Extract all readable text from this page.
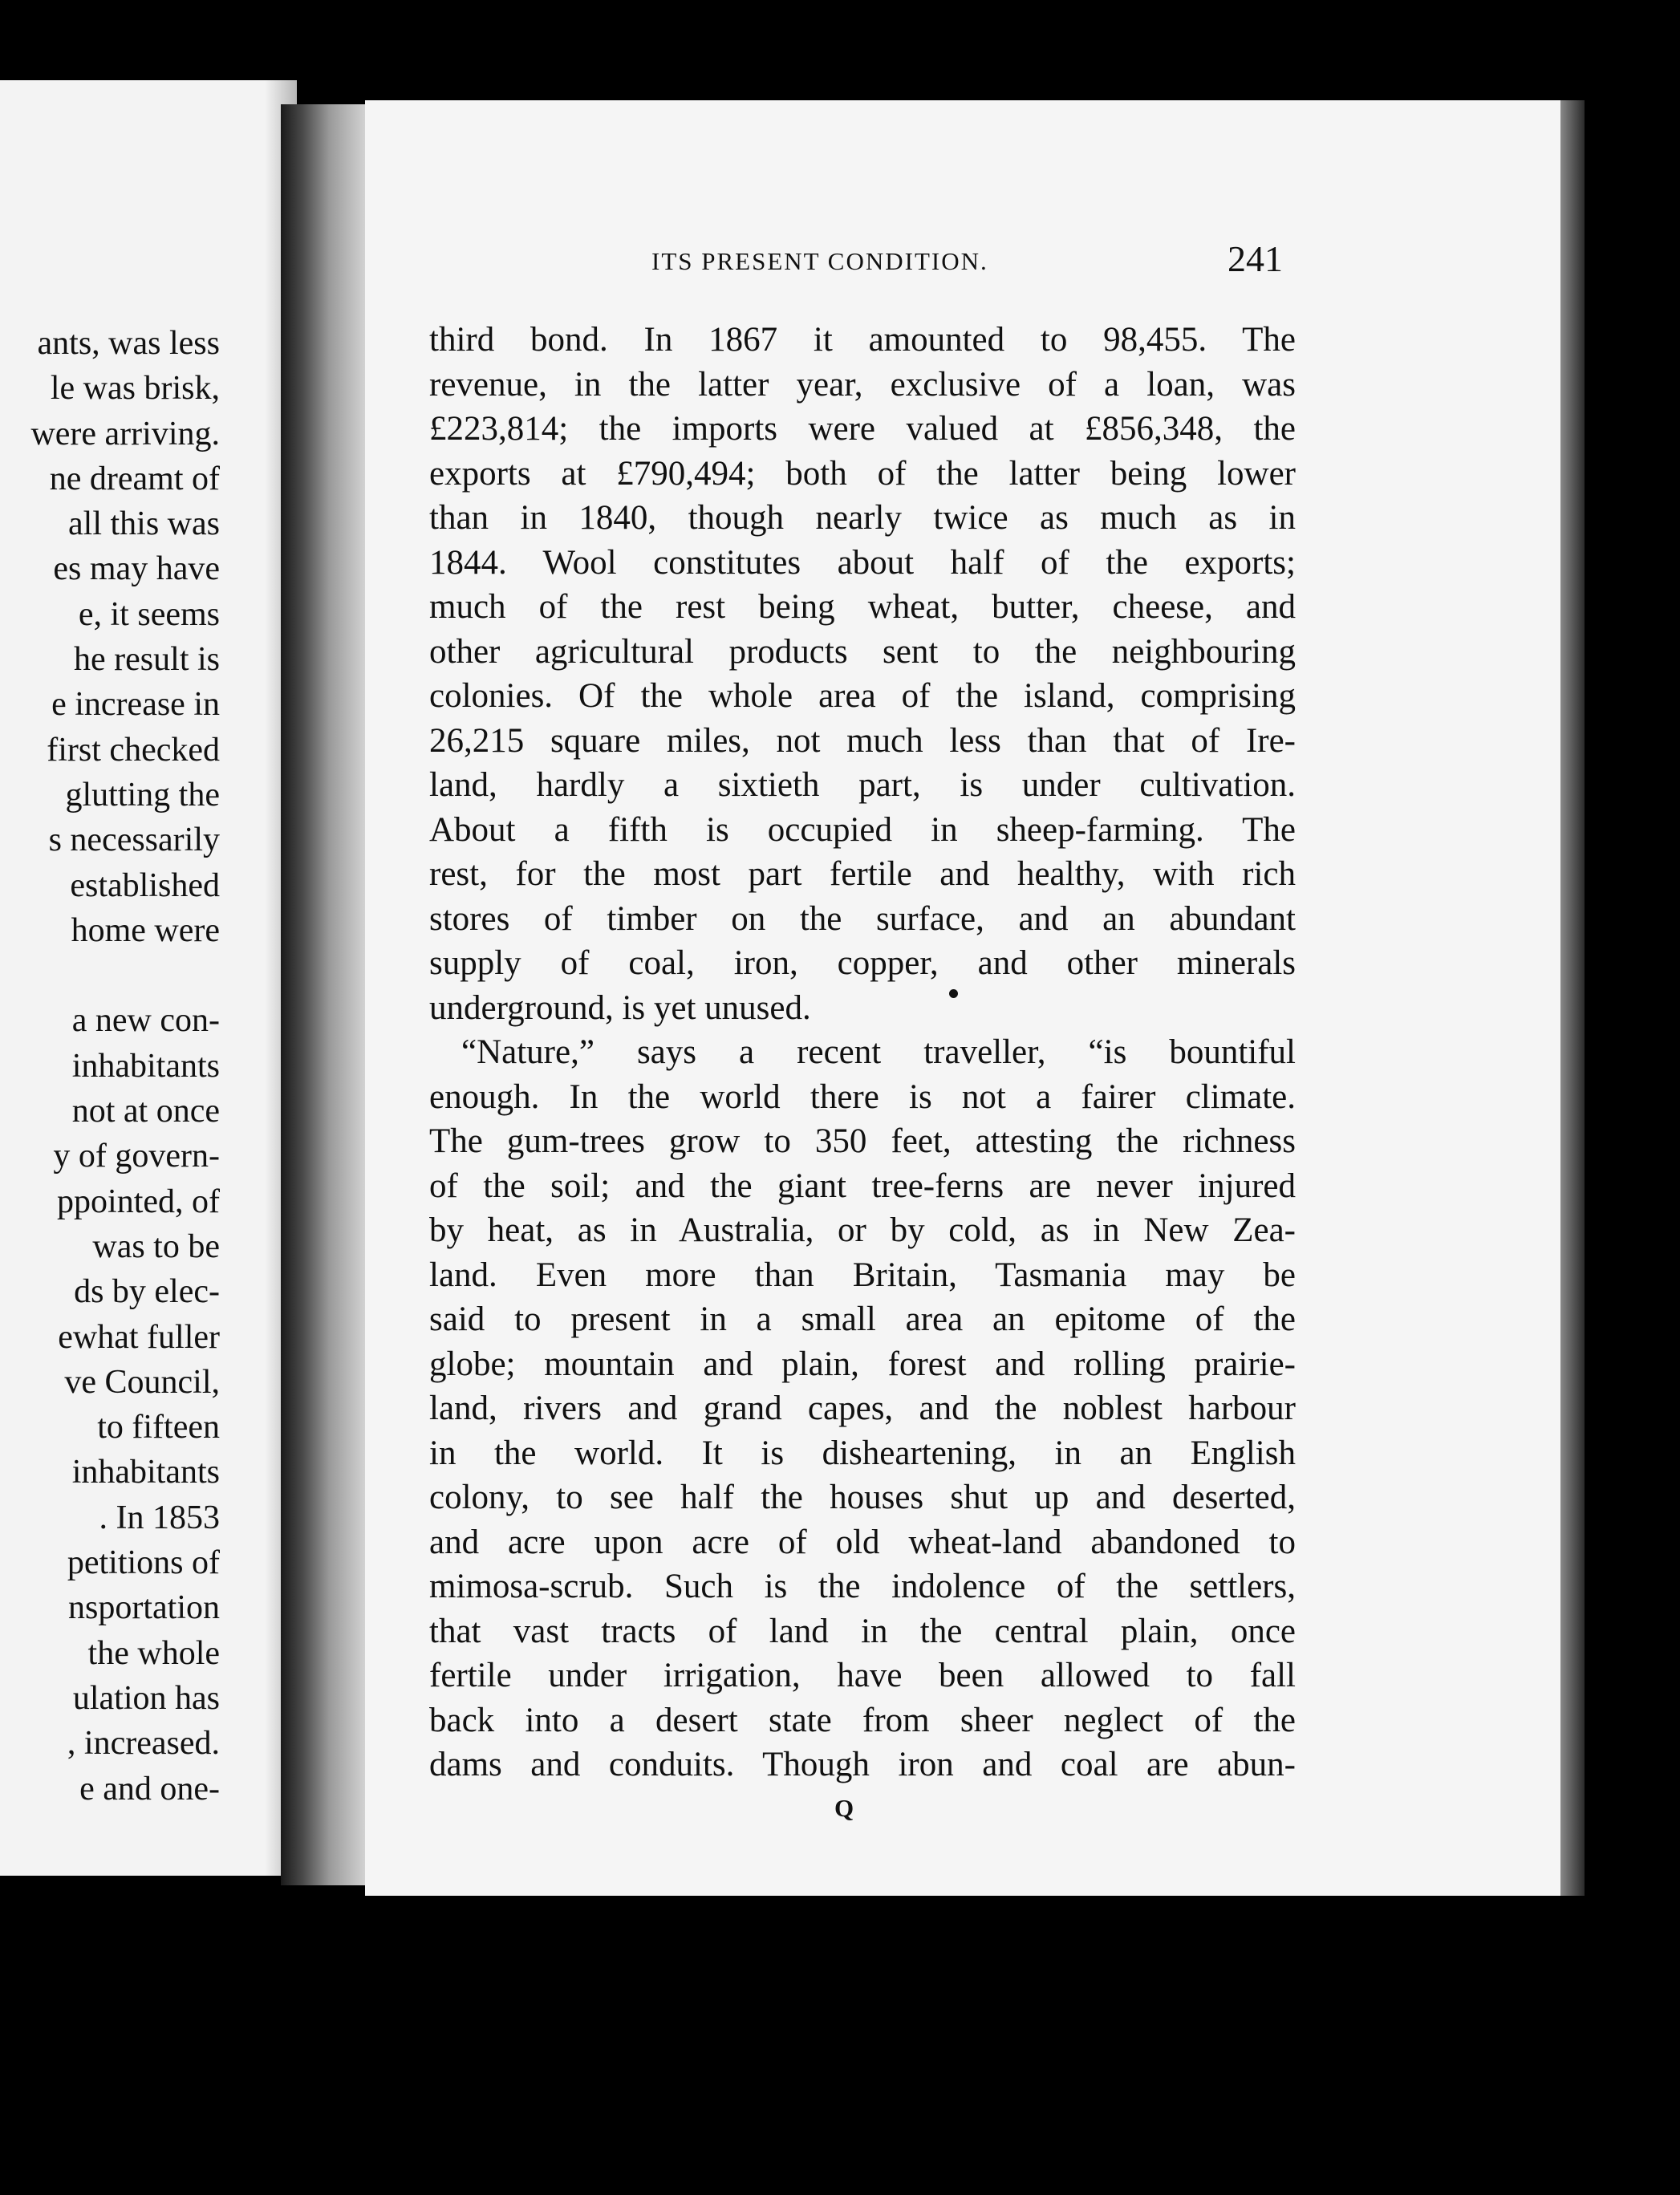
ants, was less
le was brisk,
were arriving.
ne dreamt of
all this was
es may have
e, it seems
he result is
e increase in
first checked
glutting the
s necessarily
established
home were
a new con-
inhabitants
not at once
y of govern-
ppointed, of
was to be
ds by elec-
ewhat fuller
ve Council,
to fifteen
inhabitants
. In 1853
petitions of
nsportation
the whole
ulation has
, increased.
e and one-
ITS PRESENT CONDITION.	241
third bond. In 1867 it amounted to 98,455. The
revenue, in the latter year, exclusive of a loan, was
£223,814; the imports were valued at £856,348, the
exports at £790,494; both of the latter being lower
than in 1840, though nearly twice as much as in
1844. Wool constitutes about half of the exports;
much of the rest being wheat, butter, cheese, and
other agricultural products sent to the neighbouring
colonies. Of the whole area of the island, comprising
26,215 square miles, not much less than that of Ire-
land, hardly a sixtieth part, is under cultivation.
About a fifth is occupied in sheep-farming. The
rest, for the most part fertile and healthy, with rich
stores of timber on the surface, and an abundant
supply of coal, iron, copper, and other minerals
underground, is yet unused.
“Nature,” says a recent traveller, “is bountiful
enough. In the world there is not a fairer climate.
The gum-trees grow to 350 feet, attesting the richness
of the soil; and the giant tree-ferns are never injured
by heat, as in Australia, or by cold, as in New Zea-
land. Even more than Britain, Tasmania may be
said to present in a small area an epitome of the
globe; mountain and plain, forest and rolling prairie-
land, rivers and grand capes, and the noblest harbour
in the world. It is disheartening, in an English
colony, to see half the houses shut up and deserted,
and acre upon acre of old wheat-land abandoned to
mimosa-scrub. Such is the indolence of the settlers,
that vast tracts of land in the central plain, once
fertile under irrigation, have been allowed to fall
back into a desert state from sheer neglect of the
dams and conduits. Though iron and coal are abun-
Q
